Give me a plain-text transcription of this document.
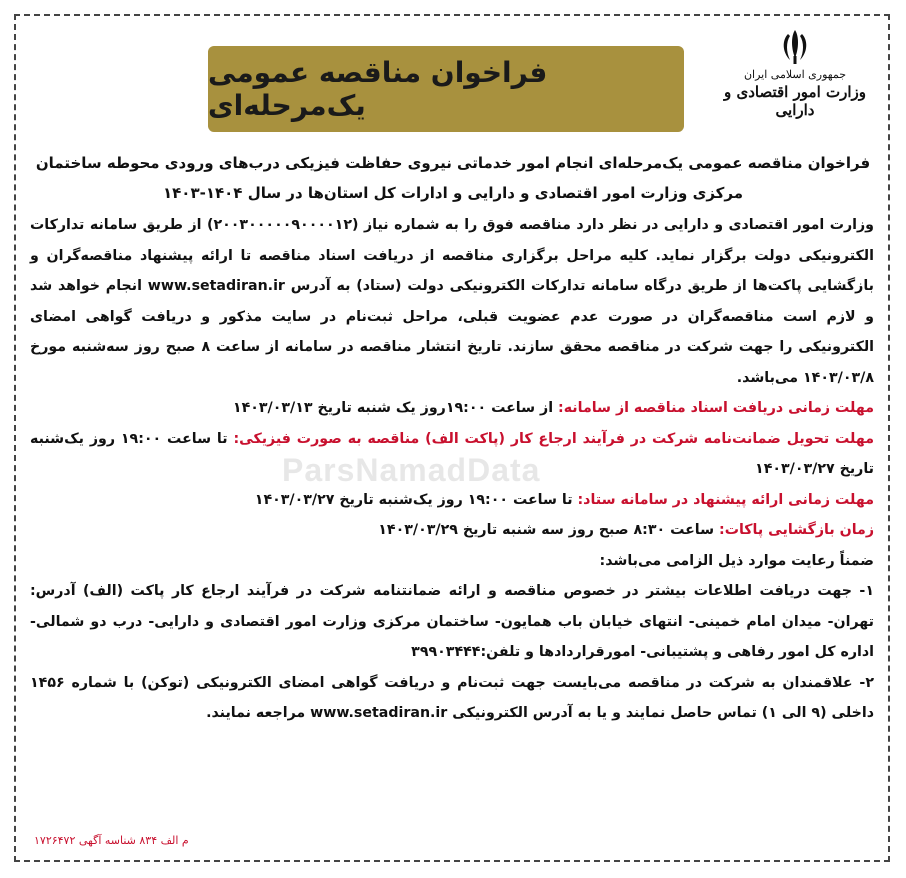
جمهوری اسلامی ایران
وزارت امور اقتصادی و دارایی
فراخوان مناقصه عمومی یک‌مرحله‌ای
فراخوان مناقصه عمومی یک‌مرحله‌ای انجام امور خدماتی نیروی حفاظت فیزیکی درب‌های ورودی محوطه ساختمان مرکزی وزارت امور اقتصادی و دارایی و ادارات کل استان‌ها در سال ۱۴۰۴-۱۴۰۳
ParsNamadData

وزارت امور اقتصادی و دارایی در نظر دارد مناقصه فوق را به شماره نیاز (۲۰۰۳۰۰۰۰۰۹۰۰۰۰۱۲) از طریق سامانه تدارکات الکترونیکی دولت برگزار نماید. کلیه مراحل برگزاری مناقصه از دریافت اسناد مناقصه تا ارائه پیشنهاد مناقصه‌گران و بازگشایی پاکت‌ها از طریق درگاه سامانه تدارکات الکترونیکی دولت (ستاد) به آدرس www.setadiran.ir انجام خواهد شد و لازم است مناقصه‌گران در صورت عدم عضویت قبلی، مراحل ثبت‌نام در سایت مذکور و دریافت گواهی امضای الکترونیکی را جهت شرکت در مناقصه محقق سازند. تاریخ انتشار مناقصه در سامانه از ساعت ۸ صبح روز سه‌شنبه مورخ ۱۴۰۳/۰۳/۸ می‌باشد.

مهلت زمانی دریافت اسناد مناقصه از سامانه: از ساعت ۱۹:۰۰روز یک شنبه تاریخ ۱۴۰۳/۰۳/۱۳

مهلت تحویل ضمانت‌نامه شرکت در فرآیند ارجاع کار (پاکت الف) مناقصه به صورت فیزیکی: تا ساعت ۱۹:۰۰ روز یک‌شنبه تاریخ ۱۴۰۳/۰۳/۲۷

مهلت زمانی ارائه پیشنهاد در سامانه ستاد: تا ساعت ۱۹:۰۰ روز یک‌شنبه تاریخ ۱۴۰۳/۰۳/۲۷

زمان بازگشایی پاکات: ساعت ۸:۳۰ صبح روز سه شنبه تاریخ ۱۴۰۳/۰۳/۲۹

ضمناً رعایت موارد ذیل الزامی می‌باشد:

۱- جهت دریافت اطلاعات بیشتر در خصوص مناقصه و ارائه ضمانتنامه شرکت در فرآیند ارجاع کار پاکت (الف) آدرس: تهران- میدان امام خمینی- انتهای خیابان باب همایون- ساختمان مرکزی وزارت امور اقتصادی و دارایی- درب دو شمالی- اداره کل امور رفاهی و پشتیبانی- امورقراردادها و تلفن:۳۹۹۰۳۴۴۴

۲- علاقمندان به شرکت در مناقصه می‌بایست جهت ثبت‌نام و دریافت گواهی امضای الکترونیکی (توکن) با شماره ۱۴۵۶ داخلی (۹ الی ۱) تماس حاصل نمایند و یا به آدرس الکترونیکی www.setadiran.ir مراجعه نمایند.

م الف ۸۳۴ شناسه آگهی ۱۷۲۶۴۷۲
